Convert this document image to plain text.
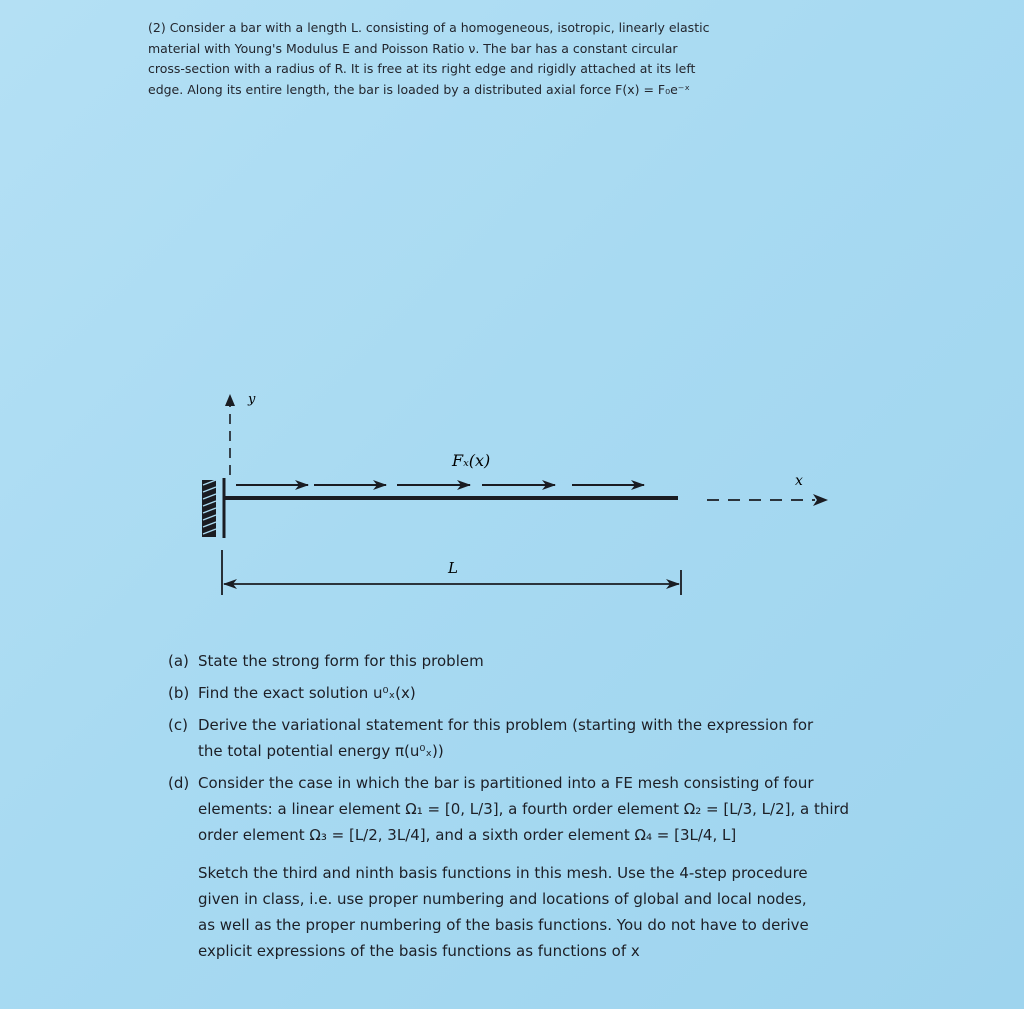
(2) Consider a bar with a length L. consisting of a homogeneous, isotropic, linearly elastic
material with Young's Modulus E and Poisson Ratio ν. The bar has a constant circular
cross-section with a radius of R. It is free at its right edge and rigidly attached at its left
edge. Along its entire length, the bar is loaded by a distributed axial force F(x) = F₀e⁻ˣ
y
Fₓ(x)
x
L
(a) State the strong form for this problem
(b) Find the exact solution u⁰ₓ(x)
(c) Derive the variational statement for this problem (starting with the expression for
the total potential energy π(u⁰ₓ))
(d) Consider the case in which the bar is partitioned into a FE mesh consisting of four
elements: a linear element Ω₁ = [0, L/3], a fourth order element Ω₂ = [L/3, L/2], a third
order element Ω₃ = [L/2, 3L/4], and a sixth order element Ω₄ = [3L/4, L]
Sketch the third and ninth basis functions in this mesh. Use the 4-step procedure
given in class, i.e. use proper numbering and locations of global and local nodes,
as well as the proper numbering of the basis functions. You do not have to derive
explicit expressions of the basis functions as functions of x
